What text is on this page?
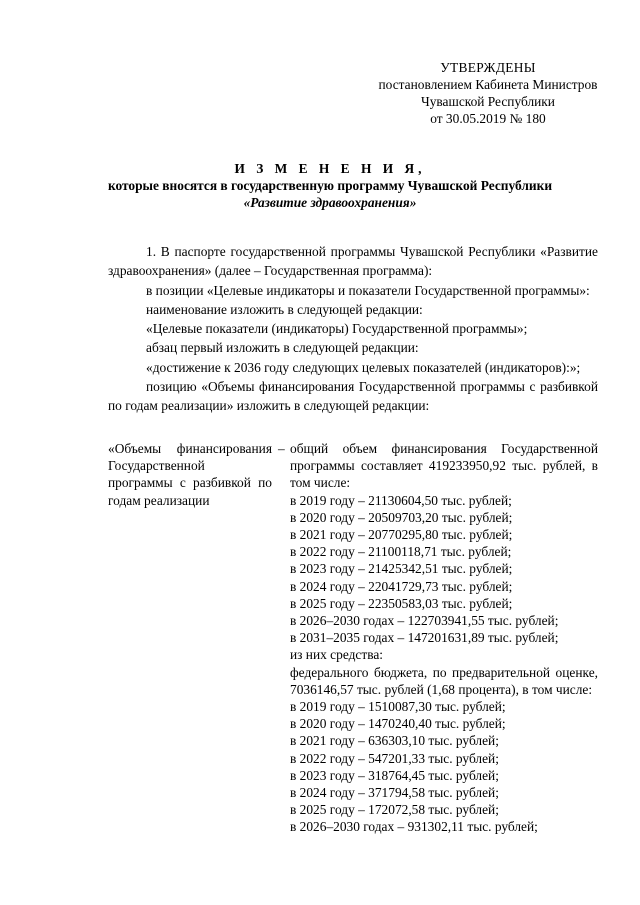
УТВЕРЖДЕНЫ
постановлением Кабинета Министров
Чувашской Республики
от 30.05.2019 № 180
И З М Е Н Е Н И Я,
которые вносятся в государственную программу Чувашской Республики
«Развитие здравоохранения»

1. В паспорте государственной программы Чувашской Республики «Развитие здравоохранения» (далее – Государственная программа):

в позиции «Целевые индикаторы и показатели Государственной программы»:

наименование изложить в следующей редакции:

«Целевые показатели (индикаторы) Государственной программы»;

абзац первый изложить в следующей редакции:

«достижение к 2036 году следующих целевых показателей (индикаторов):»;

позицию «Объемы финансирования Государственной программы с разбивкой по годам реализации» изложить в следующей редакции:

«Объемы финансирования Государственной программы с разбивкой по годам реализации
– общий объем финансирования Государственной программы составляет 419233950,92 тыс. рублей, в том числе:
в 2019 году – 21130604,50 тыс. рублей;
в 2020 году – 20509703,20 тыс. рублей;
в 2021 году – 20770295,80 тыс. рублей;
в 2022 году – 21100118,71 тыс. рублей;
в 2023 году – 21425342,51 тыс. рублей;
в 2024 году – 22041729,73 тыс. рублей;
в 2025 году – 22350583,03 тыс. рублей;
в 2026–2030 годах – 122703941,55 тыс. рублей;
в 2031–2035 годах – 147201631,89 тыс. рублей;
из них средства:
федерального бюджета, по предварительной оценке, 7036146,57 тыс. рублей (1,68 процента), в том числе:
в 2019 году – 1510087,30 тыс. рублей;
в 2020 году – 1470240,40 тыс. рублей;
в 2021 году – 636303,10 тыс. рублей;
в 2022 году – 547201,33 тыс. рублей;
в 2023 году – 318764,45 тыс. рублей;
в 2024 году – 371794,58 тыс. рублей;
в 2025 году – 172072,58 тыс. рублей;
в 2026–2030 годах – 931302,11 тыс. рублей;
